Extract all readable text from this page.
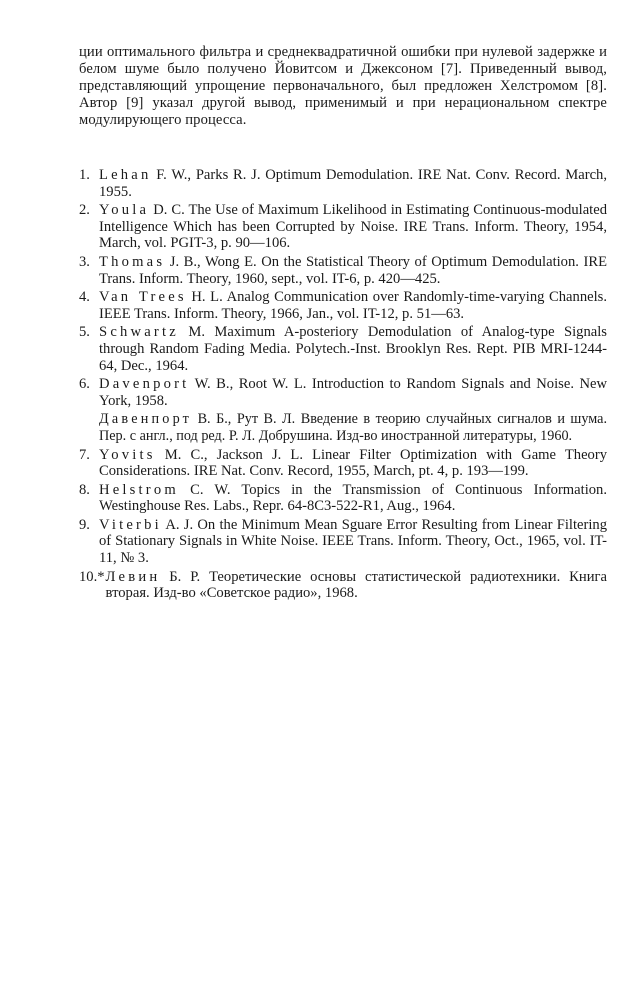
ции оптимального фильтра и среднеквадратичной ошибки при нулевой задержке и белом шуме было получено Йовитсом и Джексоном [7]. Приведенный вывод, представляющий упрощение первоначального, был предложен Хелстромом [8]. Автор [9] указал другой вывод, применимый и при нерациональном спектре модулирующего процесса.

1. Lehan F. W., Parks R. J. Optimum Demodulation. IRE Nat. Conv. Record. March, 1955.
2. Youla D. C. The Use of Maximum Likelihood in Estimating Continuous-modulated Intelligence Which has been Corrupted by Noise. IRE Trans. Inform. Theory, 1954, March, vol. PGIT-3, p. 90—106.
3. Thomas J. B., Wong E. On the Statistical Theory of Optimum Demodulation. IRE Trans. Inform. Theory, 1960, sept., vol. IT-6, p. 420—425.
4. Van Trees H. L. Analog Communication over Randomly-time-varying Channels. IEEE Trans. Inform. Theory, 1966, Jan., vol. IT-12, p. 51—63.
5. Schwartz M. Maximum A-posteriory Demodulation of Analog-type Signals through Random Fading Media. Polytech.-Inst. Brooklyn Res. Rept. PIB MRI-1244-64, Dec., 1964.
6. Davenport W. B., Root W. L. Introduction to Random Signals and Noise. New York, 1958.
Давенпорт В. Б., Рут В. Л. Введение в теорию случайных сигналов и шума. Пер. с англ., под ред. Р. Л. Добрушина. Изд-во иностранной литературы, 1960.
7. Yovits M. C., Jackson J. L. Linear Filter Optimization with Game Theory Considerations. IRE Nat. Conv. Record, 1955, March, pt. 4, p. 193—199.
8. Helstrom C. W. Topics in the Transmission of Continuous Information. Westinghouse Res. Labs., Repr. 64-8C3-522-R1, Aug., 1964.
9. Viterbi A. J. On the Minimum Mean Sguare Error Resulting from Linear Filtering of Stationary Signals in White Noise. IEEE Trans. Inform. Theory, Oct., 1965, vol. IT-11, № 3.
10.* Левин Б. Р. Теоретические основы статистической радиотехники. Книга вторая. Изд-во «Советское радио», 1968.
